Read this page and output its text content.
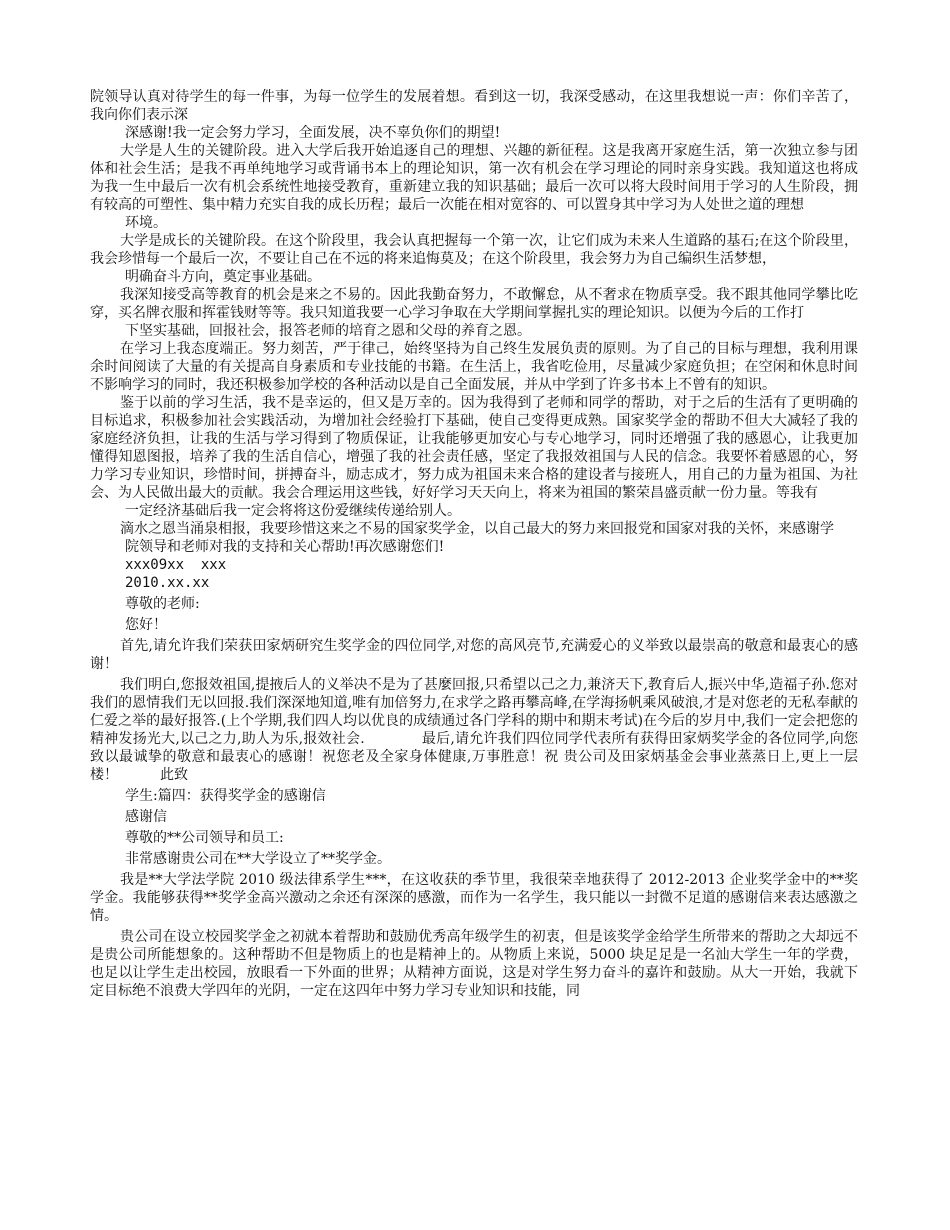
院领导认真对待学生的每一件事，为每一位学生的发展着想。看到这一切，我深受感动，在这里我想说一声：你们辛苦了，我向你们表示深

深感谢!我一定会努力学习，全面发展，决不辜负你们的期望!

大学是人生的关键阶段。进入大学后我开始追逐自己的理想、兴趣的新征程。这是我离开家庭生活，第一次独立参与团体和社会生活；是我不再单纯地学习或背诵书本上的理论知识，第一次有机会在学习理论的同时亲身实践。我知道这也将成为我一生中最后一次有机会系统性地接受教育，重新建立我的知识基础；最后一次可以将大段时间用于学习的人生阶段，拥有较高的可塑性、集中精力充实自我的成长历程；最后一次能在相对宽容的、可以置身其中学习为人处世之道的理想

环境。

大学是成长的关键阶段。在这个阶段里，我会认真把握每一个第一次，让它们成为未来人生道路的基石;在这个阶段里，我会珍惜每一个最后一次，不要让自己在不远的将来追悔莫及；在这个阶段里，我会努力为自己编织生活梦想，

明确奋斗方向，奠定事业基础。

我深知接受高等教育的机会是来之不易的。因此我勤奋努力，不敢懈怠，从不奢求在物质享受。我不跟其他同学攀比吃穿，买名牌衣服和挥霍钱财等等。我只知道我要一心学习争取在大学期间掌握扎实的理论知识。以便为今后的工作打

下坚实基础，回报社会，报答老师的培育之恩和父母的养育之恩。

在学习上我态度端正。努力刻苦，严于律己，始终坚持为自己终生发展负责的原则。为了自己的目标与理想，我利用课余时间阅读了大量的有关提高自身素质和专业技能的书籍。在生活上，我省吃俭用，尽量减少家庭负担；在空闲和休息时间不影响学习的同时，我还积极参加学校的各种活动以是自己全面发展，并从中学到了许多书本上不曾有的知识。

鉴于以前的学习生活，我不是幸运的，但又是万幸的。因为我得到了老师和同学的帮助，对于之后的生活有了更明确的目标追求，积极参加社会实践活动，为增加社会经验打下基础，使自己变得更成熟。国家奖学金的帮助不但大大减轻了我的家庭经济负担，让我的生活与学习得到了物质保证，让我能够更加安心与专心地学习，同时还增强了我的感恩心，让我更加懂得知恩图报，培养了我的生活自信心，增强了我的社会责任感，坚定了我报效祖国与人民的信念。我要怀着感恩的心，努力学习专业知识，珍惜时间，拼搏奋斗，励志成才，努力成为祖国未来合格的建设者与接班人，用自己的力量为祖国、为社会、为人民做出最大的贡献。我会合理运用这些钱，好好学习天天向上，将来为祖国的繁荣昌盛贡献一份力量。等我有

一定经济基础后我一定会将将这份爱继续传递给别人。

滴水之恩当涌泉相报，我要珍惜这来之不易的国家奖学金，以自己最大的努力来回报党和国家对我的关怀，来感谢学

院领导和老师对我的支持和关心帮助!再次感谢您们!

xxx09xx  xxx

2010.xx.xx

尊敬的老师:

您好！

首先,请允许我们荣获田家炳研究生奖学金的四位同学,对您的高风亮节,充满爱心的义举致以最崇高的敬意和最衷心的感谢！

我们明白,您报效祖国,提掖后人的义举决不是为了甚麼回报,只希望以己之力,兼济天下,教育后人,振兴中华,造福子孙.您对我们的恩情我们无以回报.我们深深地知道,唯有加倍努力,在求学之路再攀高峰,在学海扬帆乘风破浪,才是对您老的无私奉献的仁爱之举的最好报答.(上个学期,我们四人均以优良的成绩通过各门学科的期中和期末考试)在今后的岁月中,我们一定会把您的精神发扬光大,以己之力,助人为乐,报效社会.　　　　最后,请允许我们四位同学代表所有获得田家炳奖学金的各位同学,向您致以最诚挚的敬意和最衷心的感谢！祝您老及全家身体健康,万事胜意！祝 贵公司及田家炳基金会事业蒸蒸日上,更上一层楼！　　　此致

学生:篇四：获得奖学金的感谢信

感谢信

尊敬的**公司领导和员工:

非常感谢贵公司在**大学设立了**奖学金。

我是**大学法学院 2010 级法律系学生***，在这收获的季节里，我很荣幸地获得了 2012-2013 企业奖学金中的**奖学金。我能够获得**奖学金高兴激动之余还有深深的感激，而作为一名学生，我只能以一封微不足道的感谢信来表达感激之情。

贵公司在设立校园奖学金之初就本着帮助和鼓励优秀高年级学生的初衷，但是该奖学金给学生所带来的帮助之大却远不是贵公司所能想象的。这种帮助不但是物质上的也是精神上的。从物质上来说，5000 块足足是一名汕大学生一年的学费，也足以让学生走出校园，放眼看一下外面的世界；从精神方面说，这是对学生努力奋斗的嘉许和鼓励。从大一开始，我就下定目标绝不浪费大学四年的光阴，一定在这四年中努力学习专业知识和技能，同
